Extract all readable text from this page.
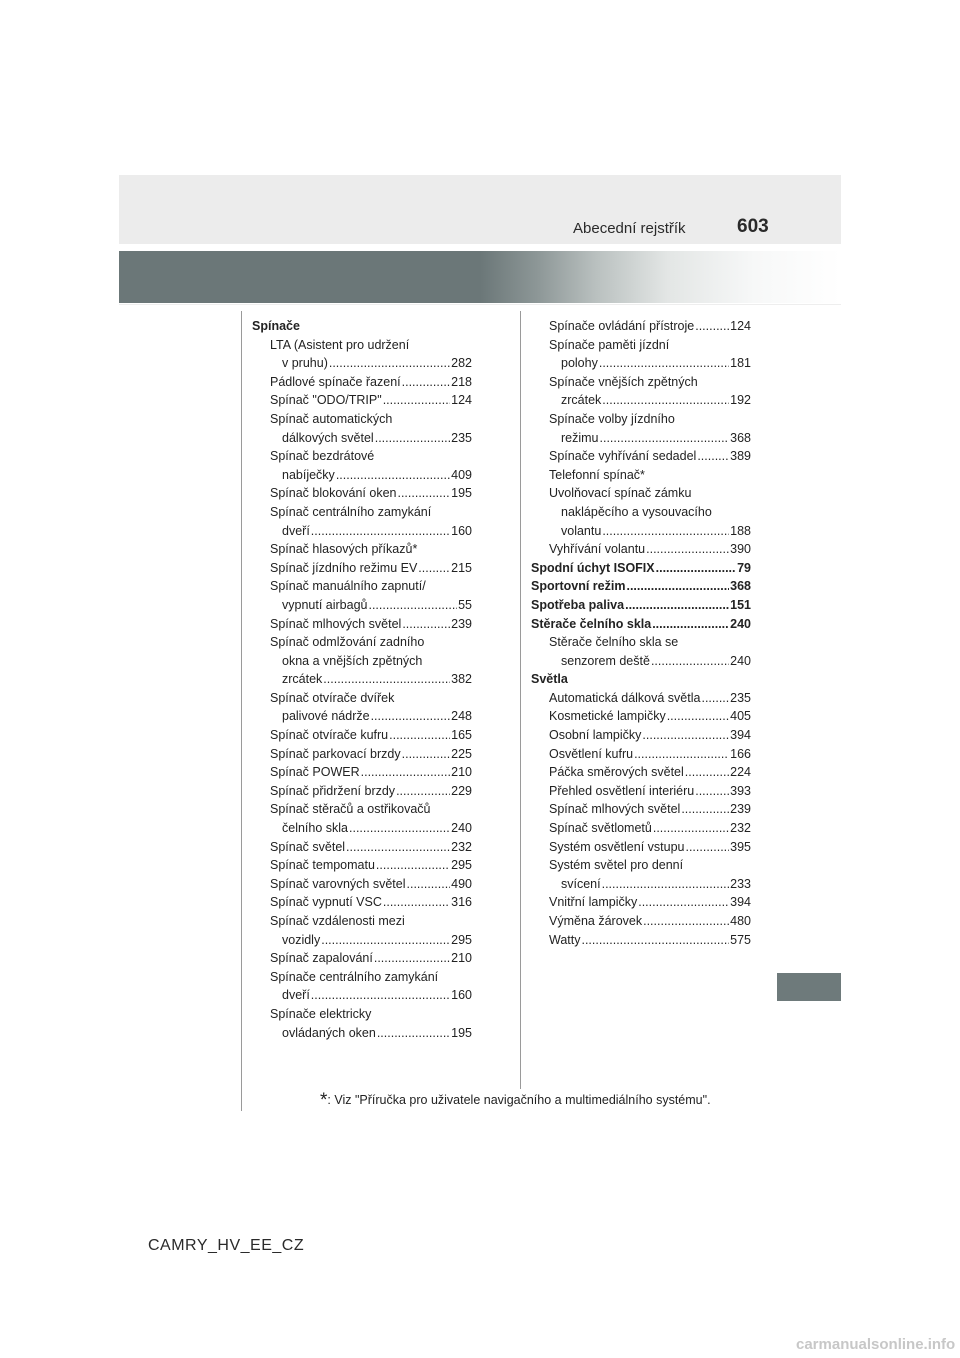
Abecední rejstřík	603
Spínače
LTA (Asistent pro udržení
v pruhu) .....	282
Pádlové spínače řazení .....	218
Spínač "ODO/TRIP" .....	124
Spínač automatických
dálkových světel .....	235
Spínač bezdrátové
nabíječky .....	409
Spínač blokování oken .....	195
Spínač centrálního zamykání
dveří .....	160
Spínač hlasových příkazů*
Spínač jízdního režimu EV .....	215
Spínač manuálního zapnutí/
vypnutí airbagů .....	55
Spínač mlhových světel .....	239
Spínač odmlžování zadního
okna a vnějších zpětných
zrcátek .....	382
Spínač otvírače dvířek
palivové nádrže .....	248
Spínač otvírače kufru .....	165
Spínač parkovací brzdy .....	225
Spínač POWER .....	210
Spínač přidržení brzdy .....	229
Spínač stěračů a ostřikovačů
čelního skla .....	240
Spínač světel .....	232
Spínač tempomatu .....	295
Spínač varovných světel .....	490
Spínač vypnutí VSC .....	316
Spínač vzdálenosti mezi
vozidly .....	295
Spínač zapalování .....	210
Spínače centrálního zamykání
dveří .....	160
Spínače elektricky
ovládaných oken .....	195
Spínače ovládání přístroje .....	124
Spínače paměti jízdní
polohy .....	181
Spínače vnějších zpětných
zrcátek .....	192
Spínače volby jízdního
režimu .....	368
Spínače vyhřívání sedadel .....	389
Telefonní spínač*
Uvolňovací spínač zámku
naklápěcího a vysouvacího
volantu .....	188
Vyhřívání volantu .....	390
Spodní úchyt ISOFIX .....	79
Sportovní režim .....	368
Spotřeba paliva .....	151
Stěrače čelního skla .....	240
Stěrače čelního skla se
senzorem deště .....	240
Světla
Automatická dálková světla ..... 235
Kosmetické lampičky .....	405
Osobní lampičky .....	394
Osvětlení kufru .....	166
Páčka směrových světel .....	224
Přehled osvětlení interiéru .....	393
Spínač mlhových světel .....	239
Spínač světlometů .....	232
Systém osvětlení vstupu .....	395
Systém světel pro denní
svícení .....	233
Vnitřní lampičky .....	394
Výměna žárovek .....	480
Watty .....	575
*: Viz "Příručka pro uživatele navigačního a multimediálního systému".
CAMRY_HV_EE_CZ
carmanualsonline.info
